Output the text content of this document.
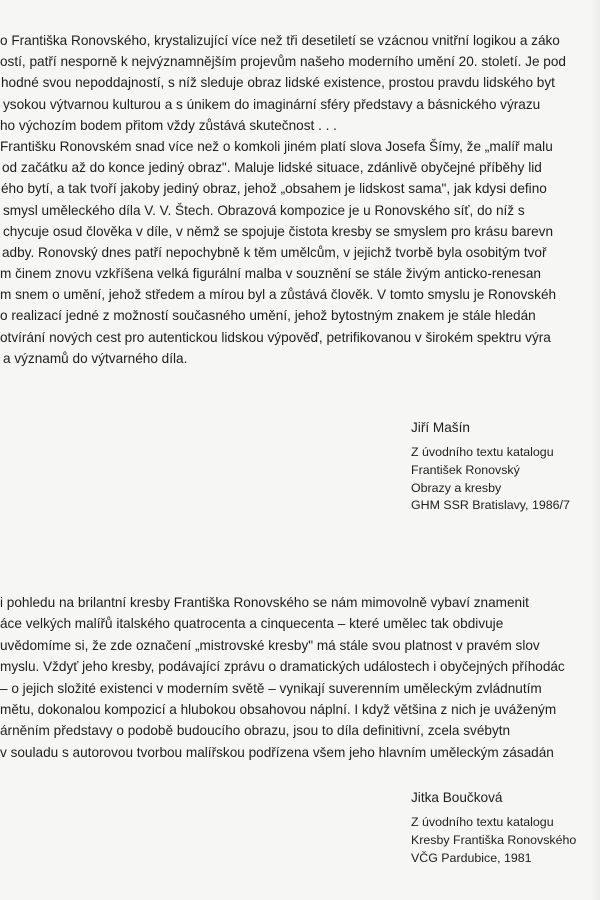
o Františka Ronovského, krystalizující více než tři desetiletí se vzácnou vnitřní logikou a záko
ostí, patří nesporně k nejvýznamnějším projevům našeho moderního umění 20. století. Je pod
hodné svou nepoddajností, s níž sleduje obraz lidské existence, prostou pravdu lidského byt
ysokou výtvarnou kulturou a s únikem do imaginární sféry představy a básnického výrazu
ho výchozím bodem přitom vždy zůstává skutečnost . . .
Františku Ronovském snad více než o komkoli jiném platí slova Josefa Šímy, že „malíř malu
od začátku až do konce jediný obraz". Maluje lidské situace, zdánlivě obyčejné příběhy lid
ého bytí, a tak tvoří jakoby jediný obraz, jehož „obsahem je lidskost sama", jak kdysi defino
smysl uměleckého díla V. V. Štech. Obrazová kompozice je u Ronovského síť, do níž s
chycuje osud člověka v díle, v němž se spojuje čistota kresby se smyslem pro krásu barevn
adby. Ronovský dnes patří nepochybně k těm umělcům, v jejichž tvorbě byla osobitým tvoř
m činem znovu vzkříšena velká figurální malba v souznění se stále živým anticko-renesan
m snem o umění, jehož středem a mírou byl a zůstává člověk. V tomto smyslu je Ronovskéh
o realizací jedné z možností současného umění, jehož bytostným znakem je stále hledán
otvírání nových cest pro autentickou lidskou výpověď, petrifikovanou v širokém spektru výra
a významů do výtvarného díla.
Jiří Mašín
Z úvodního textu katalogu
František Ronovský
Obrazy a kresby
GHM SSR Bratislavy, 1986/7
i pohledu na brilantní kresby Františka Ronovského se nám mimovolně vybaví znamenit
áce velkých malířů italského quatrocenta a cinquecenta – které umělec tak obdivuje
uvědomíme si, že zde označení „mistrovské kresby" má stále svou platnost v pravém slov
myslu. Vždyť jeho kresby, podávající zprávu o dramatických událostech i obyčejných příhodác
– o jejich složité existenci v moderním světě – vynikají suverenním uměleckým zvládnutím
mětu, dokonalou kompozicí a hlubokou obsahovou náplní. I když většina z nich je uváženým
árněním představy o podobě budoucího obrazu, jsou to díla definitivní, zcela svébytn
v souladu s autorovou tvorbou malířskou podřízena všem jeho hlavním uměleckým zásadán
Jitka Boučková
Z úvodního textu katalogu
Kresby Františka Ronovského
VČG Pardubice, 1981
